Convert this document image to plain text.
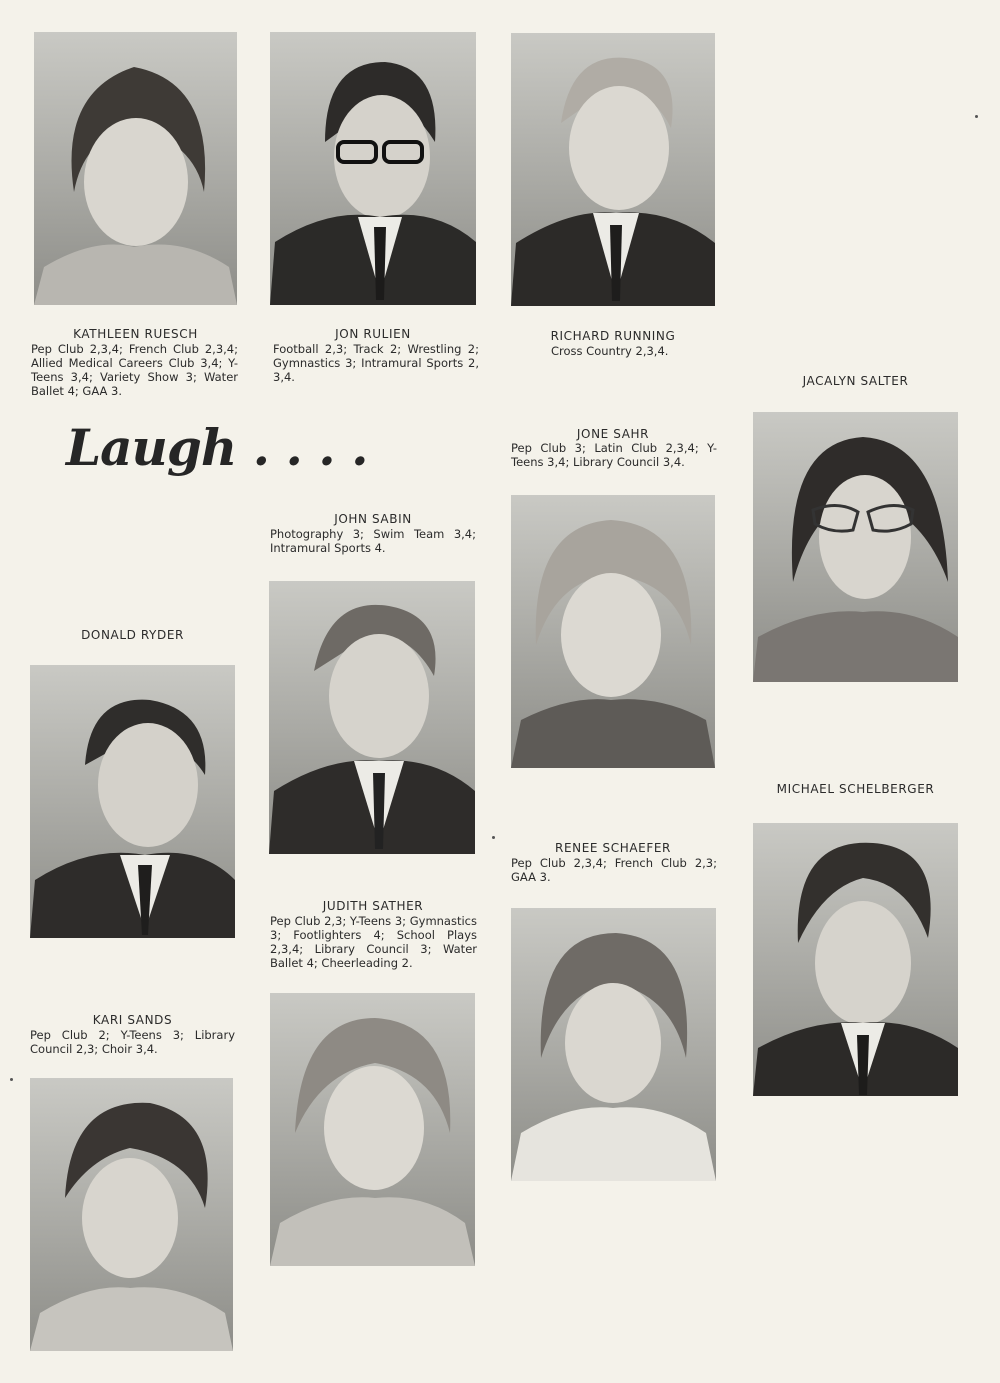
Laugh . . . .
KATHLEEN RUESCH
Pep Club 2,3,4; French Club 2,3,4; Allied Medical Careers Club 3,4; Y-Teens 3,4; Variety Show 3; Water Ballet 4; GAA 3.
DONALD RYDER
KARI SANDS
Pep Club 2; Y-Teens 3; Library Council 2,3; Choir 3,4.
JON RULIEN
Football 2,3; Track 2; Wrestling 2; Gymnastics 3; Intramural Sports 2, 3,4.
JOHN SABIN
Photography 3; Swim Team 3,4; Intramural Sports 4.
JUDITH SATHER
Pep Club 2,3; Y-Teens 3; Gymnastics 3; Footlighters 4; School Plays 2,3,4; Library Council 3; Water Ballet 4; Cheerleading 2.
RICHARD RUNNING
Cross Country 2,3,4.
JONE SAHR
Pep Club 3; Latin Club 2,3,4; Y-Teens 3,4; Library Council 3,4.
RENEE SCHAEFER
Pep Club 2,3,4; French Club 2,3; GAA 3.
JACALYN SALTER
MICHAEL SCHELBERGER
